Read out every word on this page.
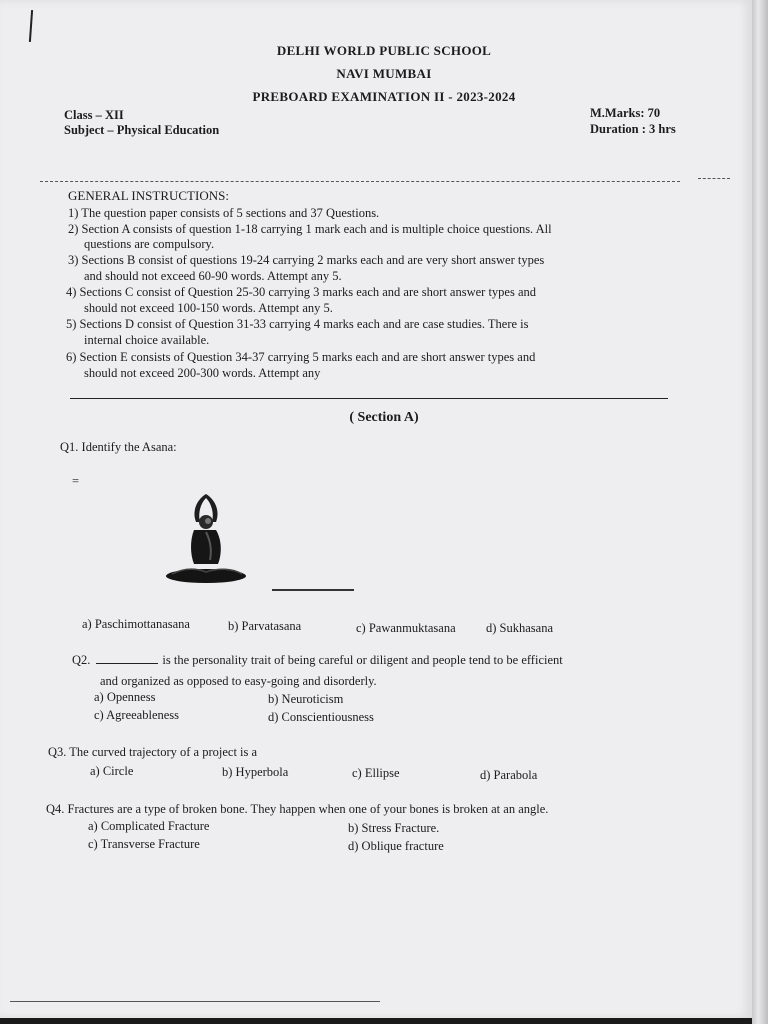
DELHI WORLD PUBLIC SCHOOL
NAVI MUMBAI
PREBOARD EXAMINATION II - 2023-2024
Class – XII
Subject – Physical Education
M.Marks: 70
Duration : 3 hrs
GENERAL INSTRUCTIONS:
1) The question paper consists of 5 sections and 37 Questions.
2) Section A consists of question 1-18 carrying 1 mark each and is multiple choice questions. All
questions are compulsory.
3) Sections B consist of questions 19-24 carrying 2 marks each and are very short answer types
and should not exceed 60-90 words. Attempt any 5.
4) Sections C consist of Question 25-30 carrying 3 marks each and are short answer types and
should not exceed 100-150 words. Attempt any 5.
5) Sections D consist of Question 31-33 carrying 4 marks each and are case studies. There is
internal choice available.
6) Section E consists of Question 34-37 carrying 5 marks each and are short answer types and
should not exceed 200-300 words. Attempt any
( Section A)
Q1. Identify the Asana:
=
a) Paschimottanasana	b) Parvatasana	c) Pawanmuktasana d) Sukhasana
Q2.	is the personality trait of being careful or diligent and people tend to be efficient
and organized as opposed to easy-going and disorderly.
a) Openness	b) Neuroticism
c) Agreeableness	d) Conscientiousness
Q3. The curved trajectory of a project is a
a) Circle	b) Hyperbola	c) Ellipse	d) Parabola
Q4. Fractures are a type of broken bone. They happen when one of your bones is broken at an angle.
a) Complicated Fracture	b) Stress Fracture.
c) Transverse Fracture	d) Oblique fracture
